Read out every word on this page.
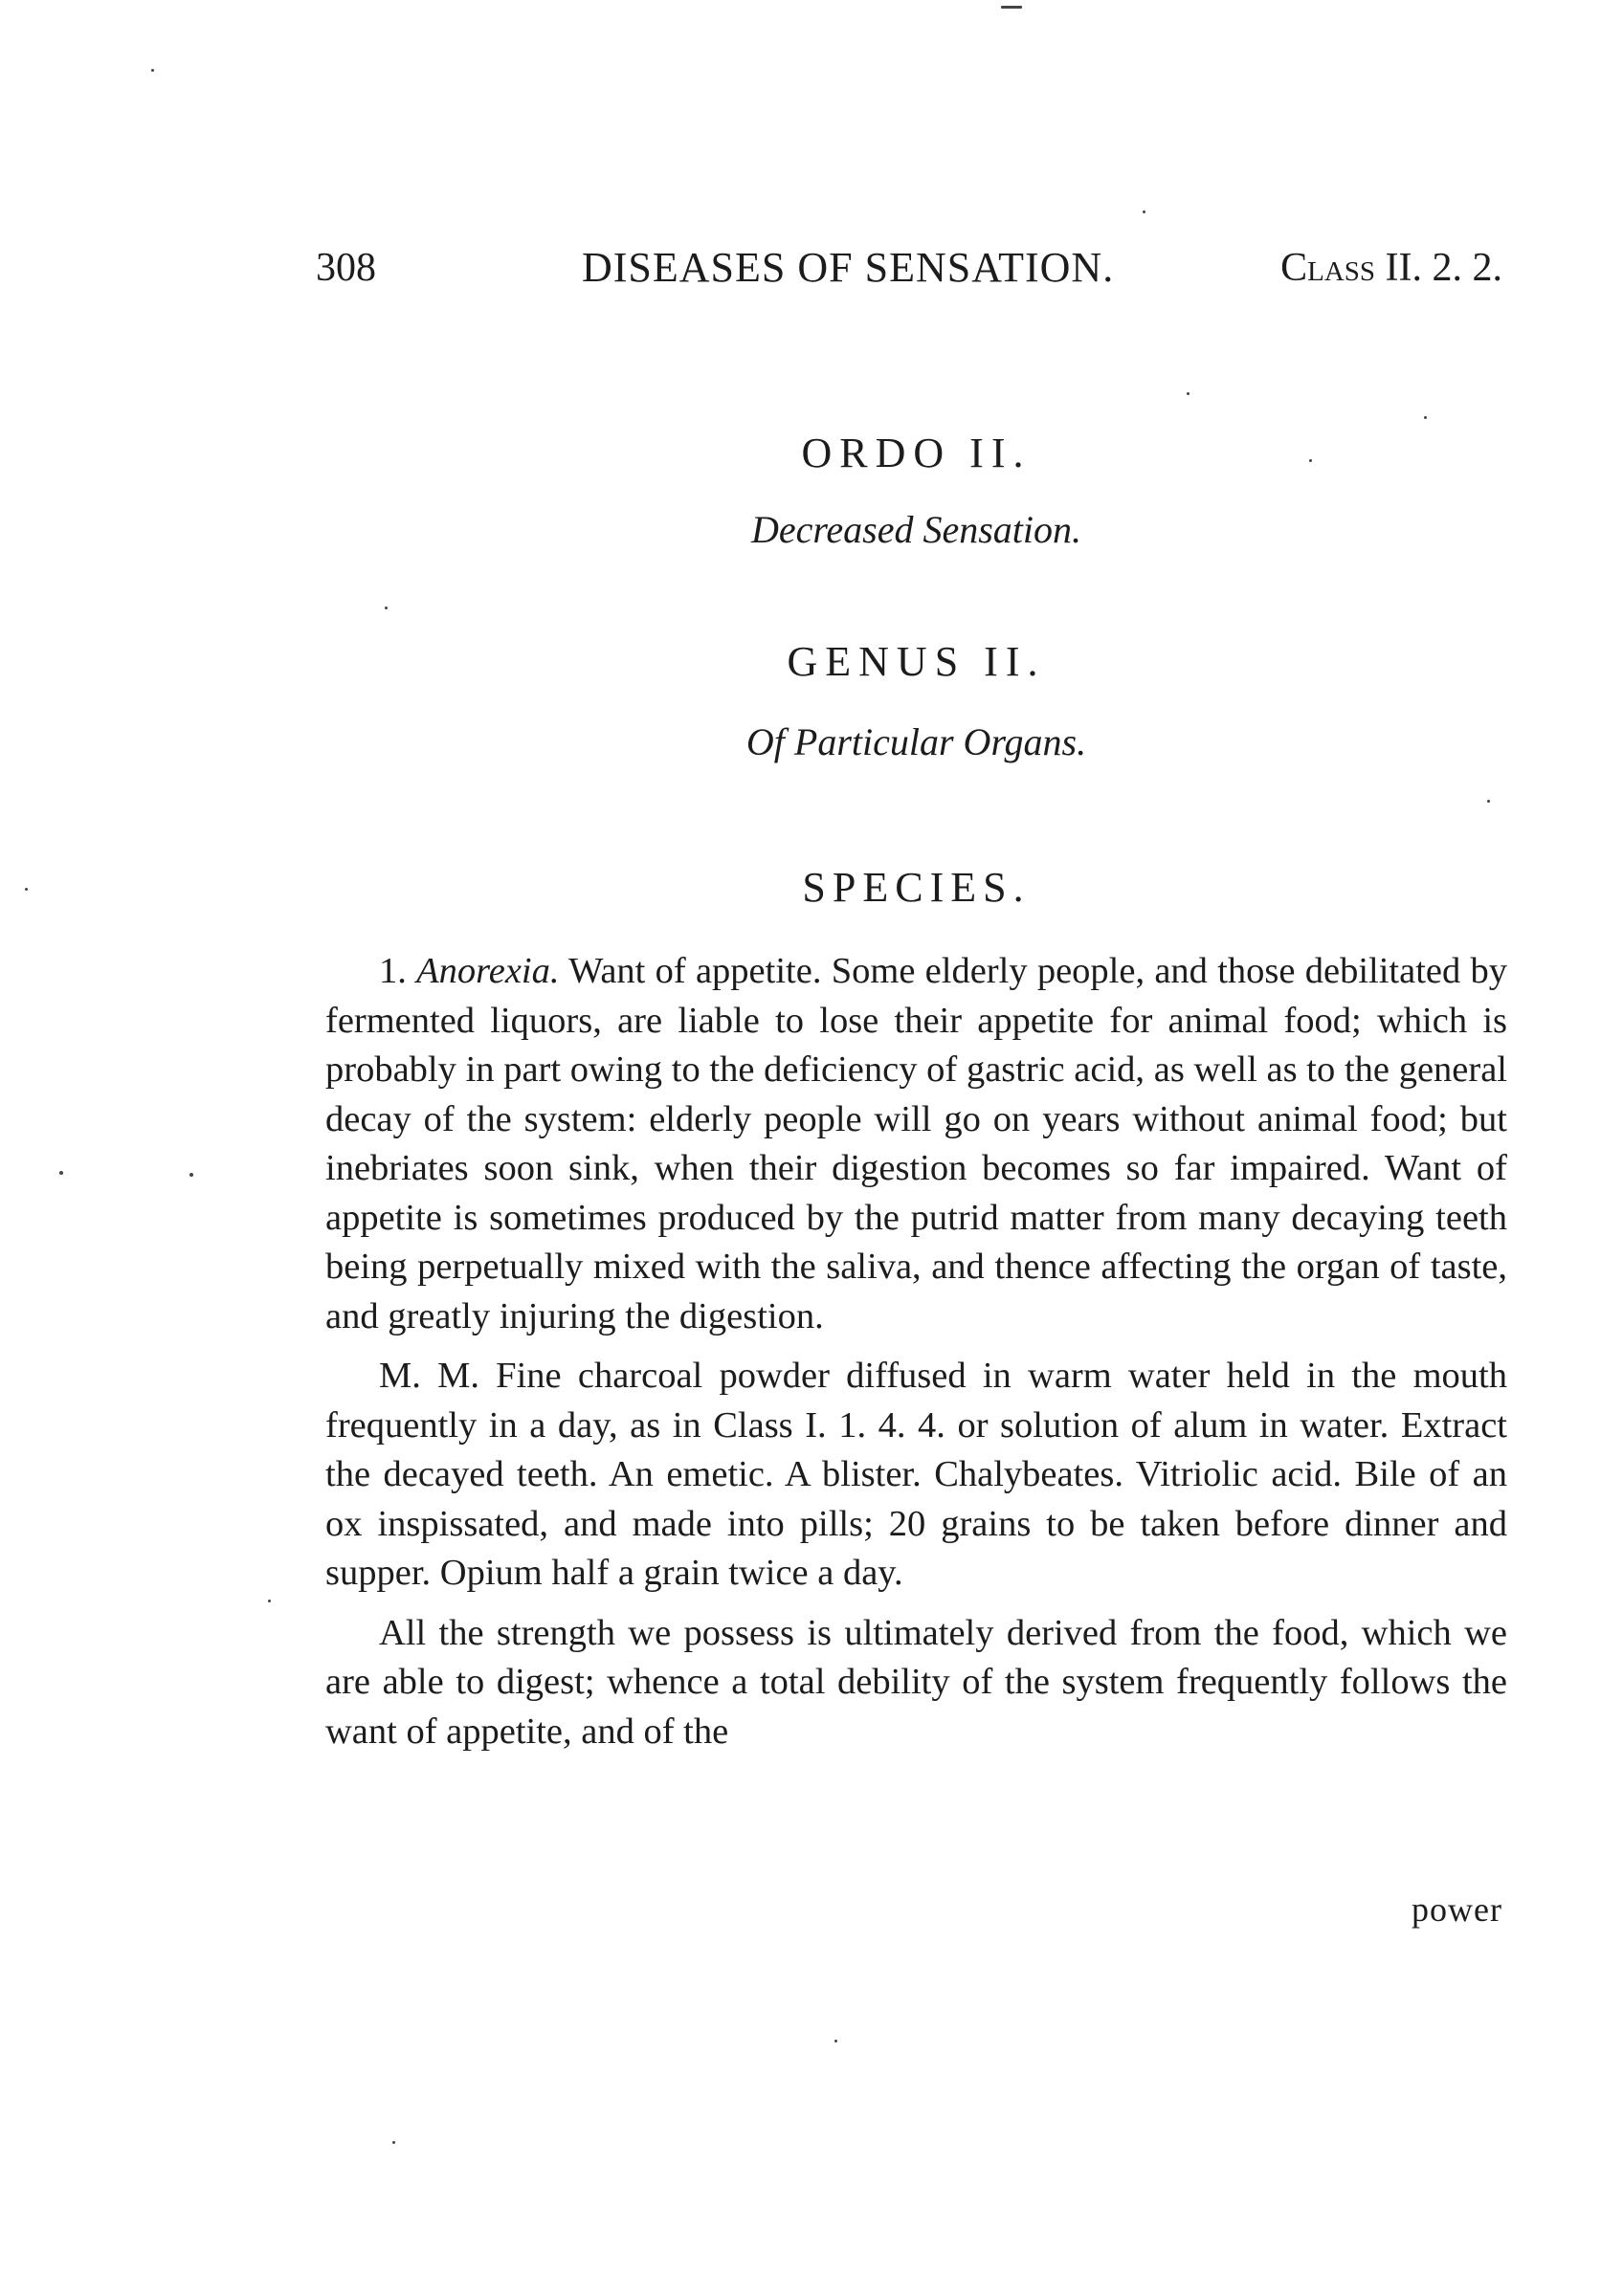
308	DISEASES OF SENSATION.	Class II. 2. 2.
ORDO II.
Decreased Sensation.
GENUS II.
Of Particular Organs.
SPECIES.

1. Anorexia. Want of appetite. Some elderly people, and those debilitated by fermented liquors, are liable to lose their appetite for animal food; which is probably in part owing to the deficiency of gastric acid, as well as to the general decay of the system: elderly people will go on years without animal food; but inebriates soon sink, when their digestion becomes so far impaired. Want of appetite is sometimes produced by the putrid matter from many decaying teeth being perpetually mixed with the saliva, and thence affecting the organ of taste, and greatly injuring the digestion.

M. M. Fine charcoal powder diffused in warm water held in the mouth frequently in a day, as in Class I. 1. 4. 4. or solution of alum in water. Extract the decayed teeth. An emetic. A blister. Chalybeates. Vitriolic acid. Bile of an ox inspissated, and made into pills; 20 grains to be taken before dinner and supper. Opium half a grain twice a day.

All the strength we possess is ultimately derived from the food, which we are able to digest; whence a total debility of the system frequently follows the want of appetite, and of the

power
